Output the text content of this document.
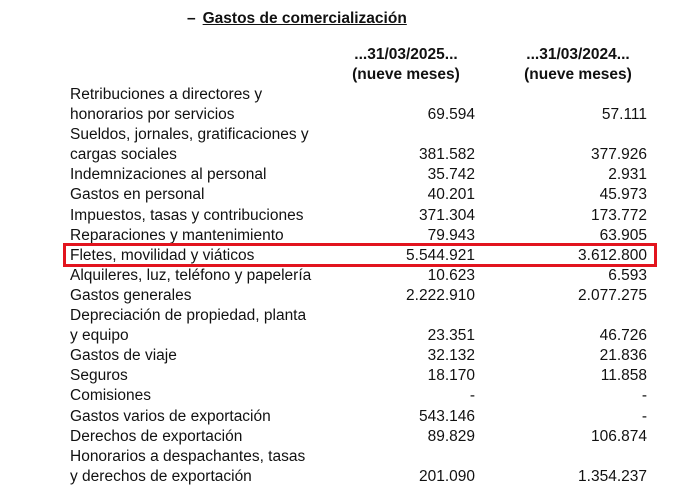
– Gastos de comercialización
...31/03/2025...
(nueve meses)
...31/03/2024...
(nueve meses)
Retribuciones a directores y
honorarios por servicios	69.594	57.111
Sueldos, jornales, gratificaciones y
cargas sociales	381.582	377.926
Indemnizaciones al personal	35.742	2.931
Gastos en personal	40.201	45.973
Impuestos, tasas y contribuciones	371.304	173.772
Reparaciones y mantenimiento	79.943	63.905
Fletes, movilidad y viáticos	5.544.921	3.612.800
Alquileres, luz, teléfono y papelería	10.623	6.593
Gastos generales	2.222.910	2.077.275
Depreciación de propiedad, planta
y equipo	23.351	46.726
Gastos de viaje	32.132	21.836
Seguros	18.170	11.858
Comisiones	-	-
Gastos varios de exportación	543.146	-
Derechos de exportación	89.829	106.874
Honorarios a despachantes, tasas
y derechos de exportación	201.090	1.354.237
